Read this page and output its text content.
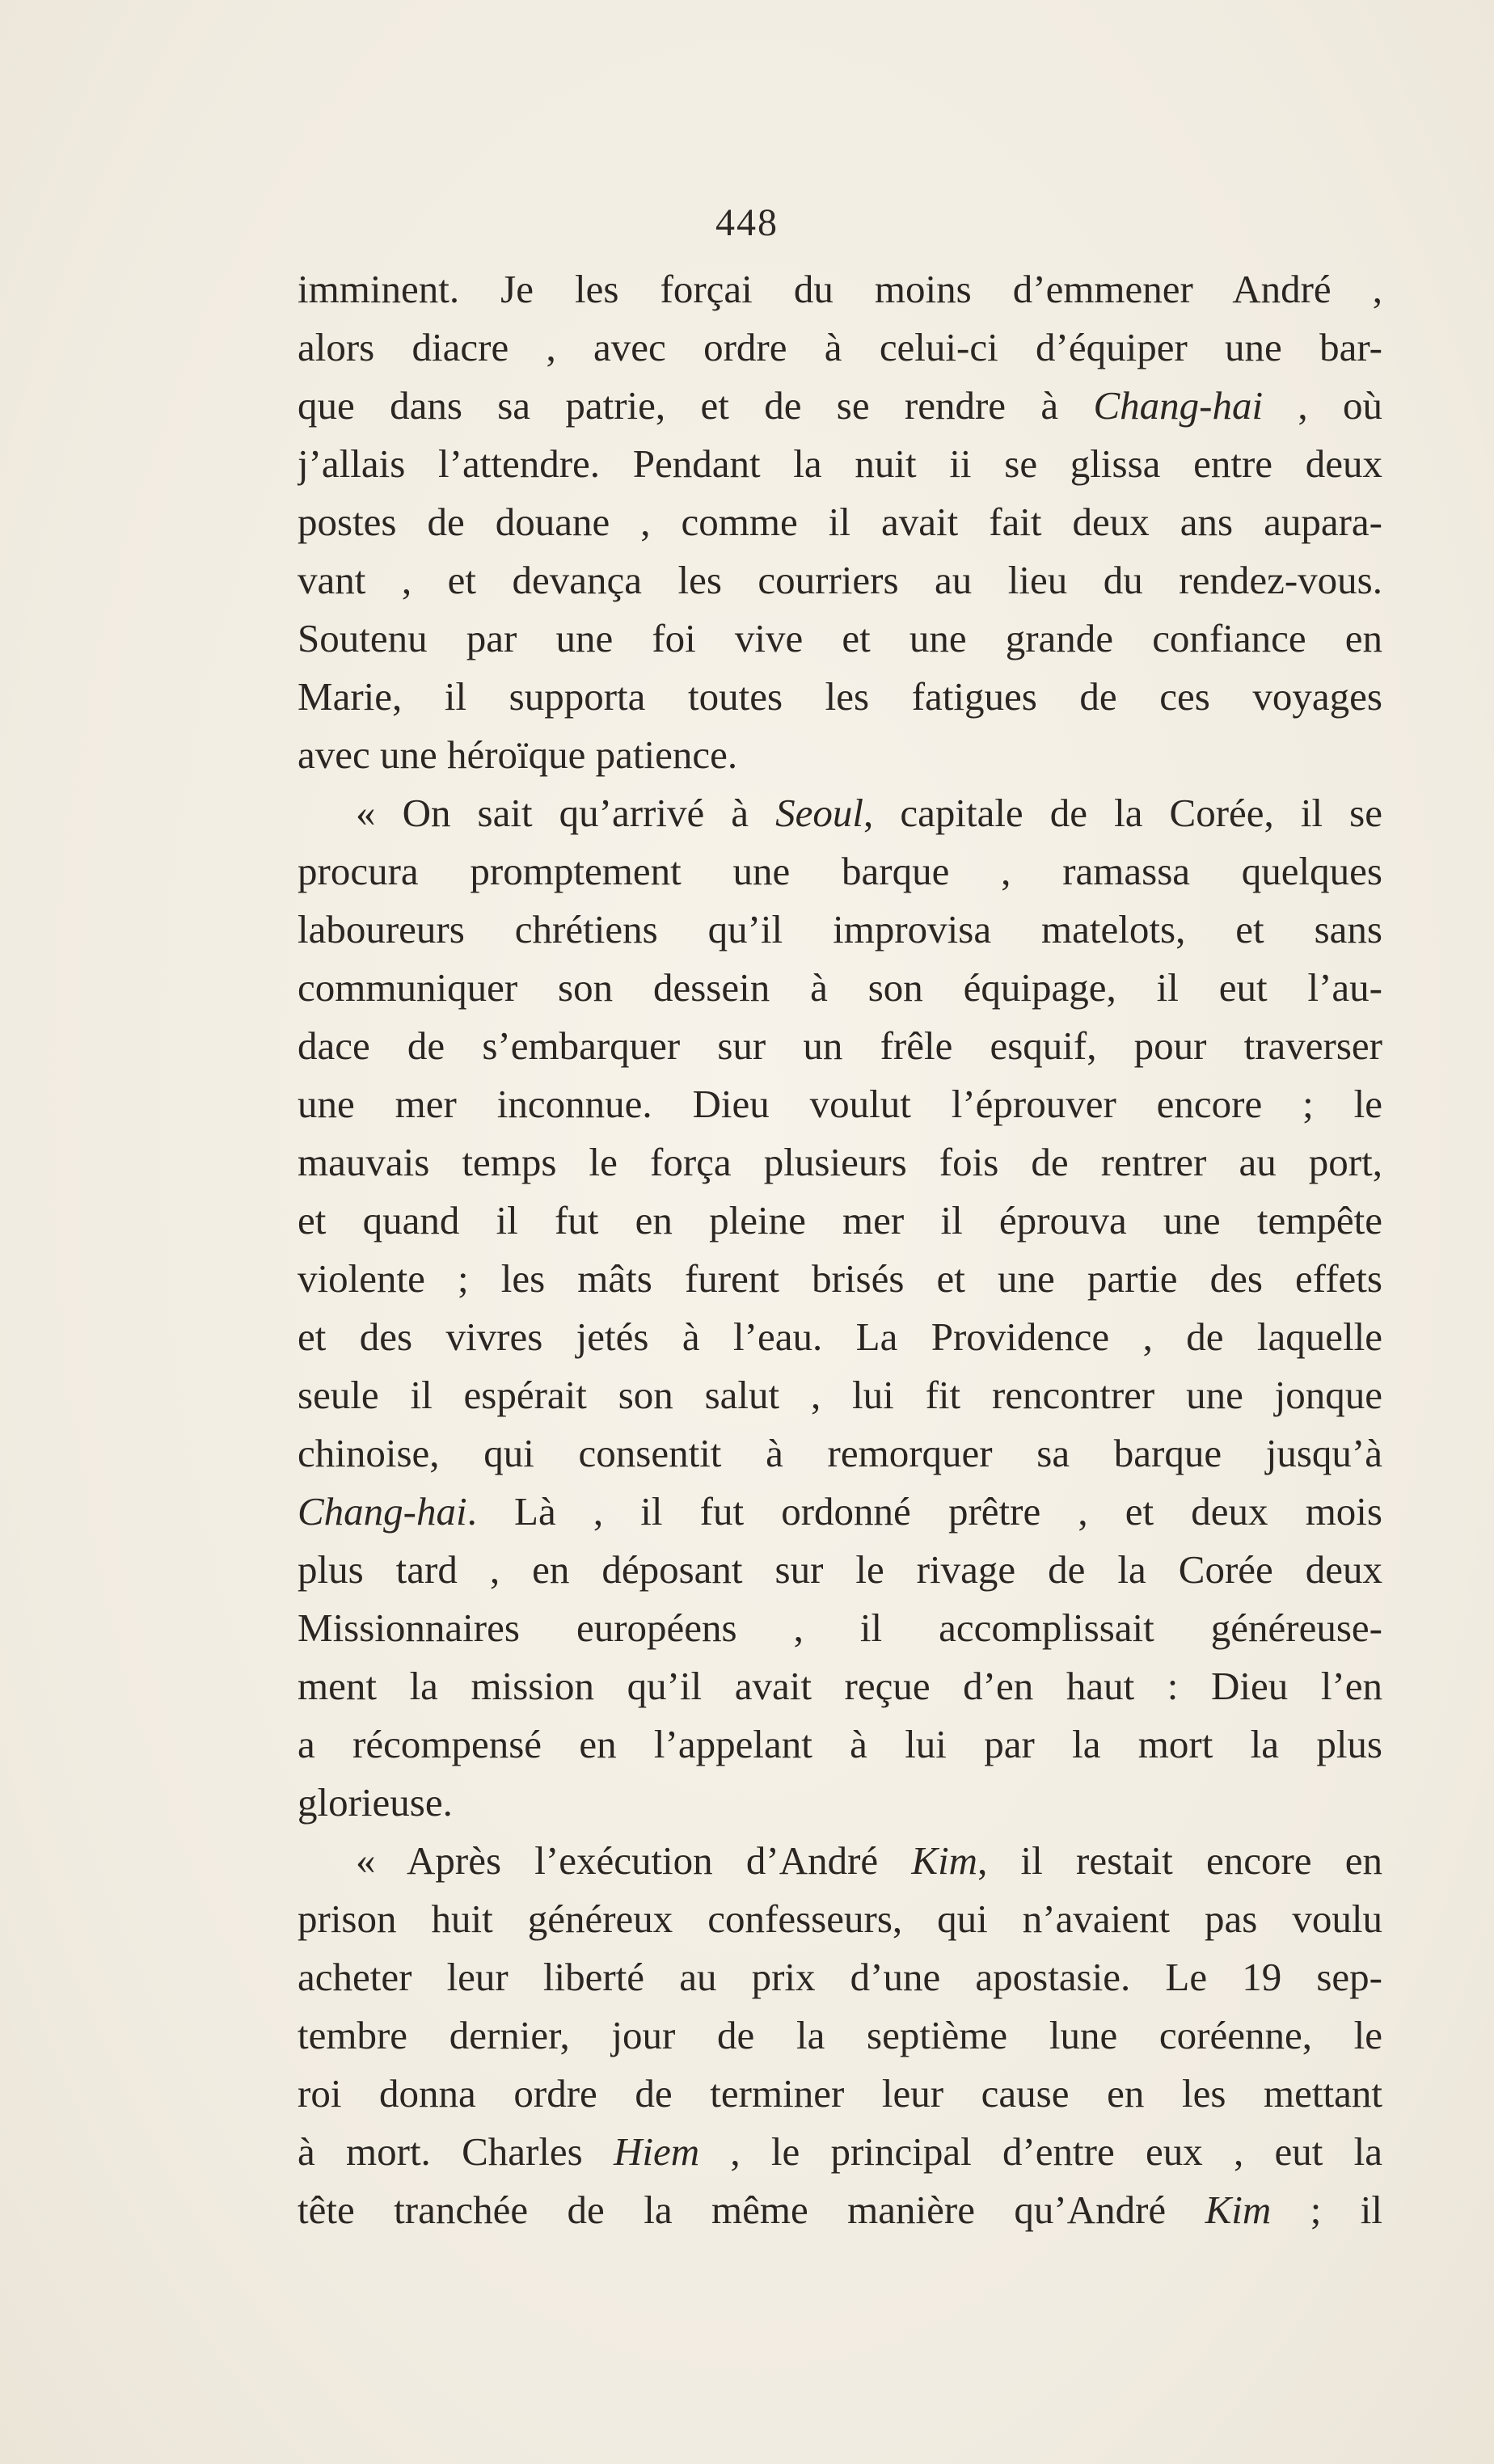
448
imminent. Je les forçai du moins d’emmener André ,
alors diacre , avec ordre à celui-ci d’équiper une bar-
que dans sa patrie, et de se rendre à Chang-hai , où
j’allais l’attendre. Pendant la nuit ii se glissa entre deux
postes de douane , comme il avait fait deux ans aupara-
vant , et devança les courriers au lieu du rendez-vous.
Soutenu par une foi vive et une grande confiance en
Marie, il supporta toutes les fatigues de ces voyages
avec une héroïque patience.
« On sait qu’arrivé à Seoul, capitale de la Corée, il se
procura promptement une barque , ramassa quelques
laboureurs chrétiens qu’il improvisa matelots, et sans
communiquer son dessein à son équipage, il eut l’au-
dace de s’embarquer sur un frêle esquif, pour traverser
une mer inconnue. Dieu voulut l’éprouver encore ; le
mauvais temps le força plusieurs fois de rentrer au port,
et quand il fut en pleine mer il éprouva une tempête
violente ; les mâts furent brisés et une partie des effets
et des vivres jetés à l’eau. La Providence , de laquelle
seule il espérait son salut , lui fit rencontrer une jonque
chinoise, qui consentit à remorquer sa barque jusqu’à
Chang-hai. Là , il fut ordonné prêtre , et deux mois
plus tard , en déposant sur le rivage de la Corée deux
Missionnaires européens , il accomplissait généreuse-
ment la mission qu’il avait reçue d’en haut : Dieu l’en
a récompensé en l’appelant à lui par la mort la plus
glorieuse.
« Après l’exécution d’André Kim, il restait encore en
prison huit généreux confesseurs, qui n’avaient pas voulu
acheter leur liberté au prix d’une apostasie. Le 19 sep-
tembre dernier, jour de la septième lune coréenne, le
roi donna ordre de terminer leur cause en les mettant
à mort. Charles Hiem , le principal d’entre eux , eut la
tête tranchée de la même manière qu’André Kim ; il
